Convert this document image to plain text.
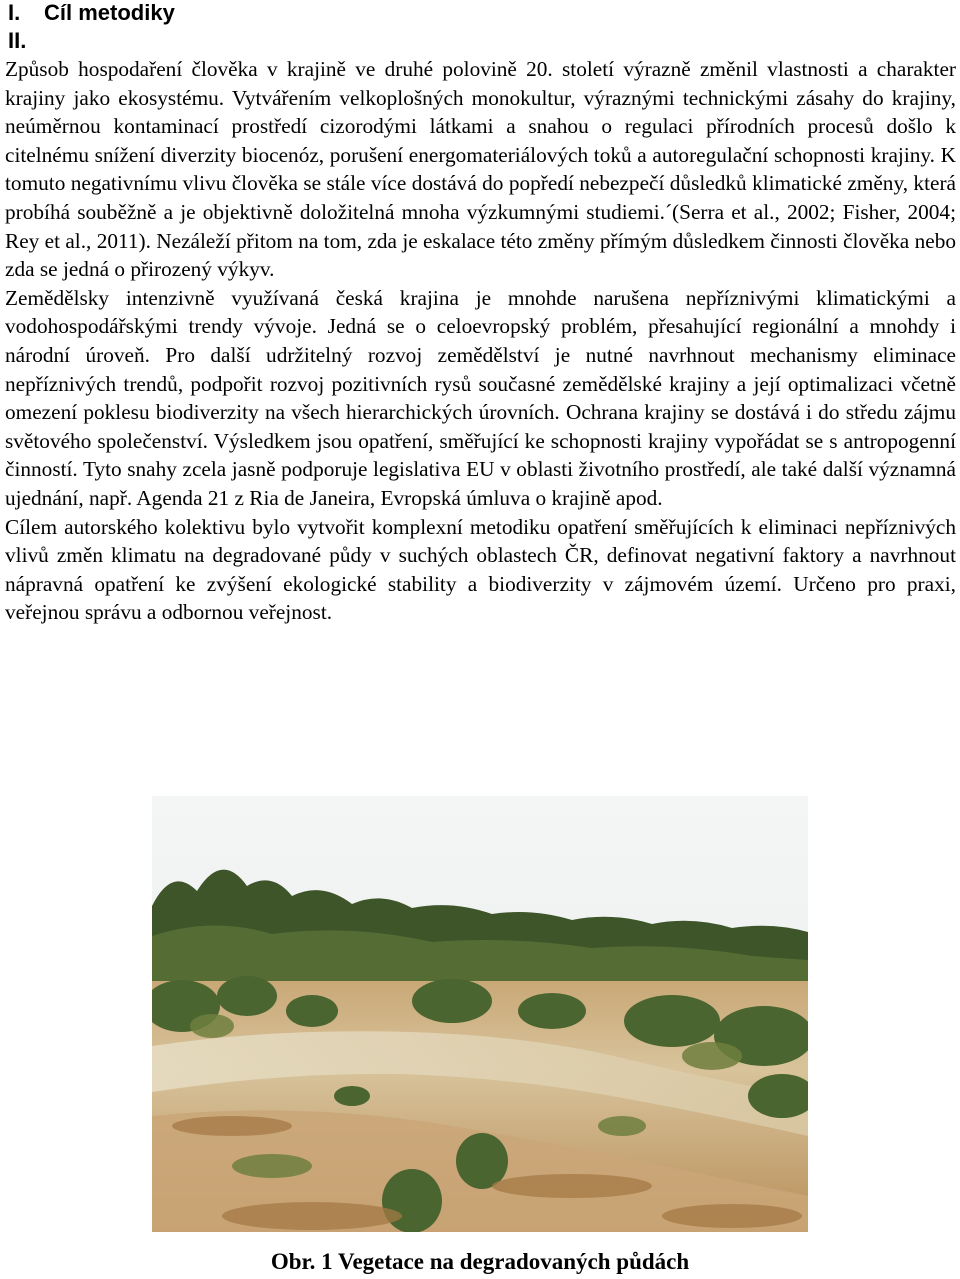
I. Cíl metodiky
II.

Způsob hospodaření člověka v krajině ve druhé polovině 20. století výrazně změnil vlastnosti a charakter krajiny jako ekosystému. Vytvářením velkoplošných monokultur, výraznými technickými zásahy do krajiny, neúměrnou kontaminací prostředí cizorodými látkami a snahou o regulaci přírodních procesů došlo k citelnému snížení diverzity biocenóz, porušení energomateriálových toků a autoregulační schopnosti krajiny. K tomuto negativnímu vlivu člověka se stále více dostává do popředí nebezpečí důsledků klimatické změny, která probíhá souběžně a je objektivně doložitelná mnoha výzkumnými studiemi.´(Serra et al., 2002; Fisher, 2004; Rey et al., 2011). Nezáleží přitom na tom, zda je eskalace této změny přímým důsledkem činnosti člověka nebo zda se jedná o přirozený výkyv.

Zemědělsky intenzivně využívaná česká krajina je mnohde narušena nepříznivými klimatickými a vodohospodářskými trendy vývoje. Jedná se o celoevropský problém, přesahující regionální a mnohdy i národní úroveň. Pro další udržitelný rozvoj zemědělství je nutné navrhnout mechanismy eliminace nepříznivých trendů, podpořit rozvoj pozitivních rysů současné zemědělské krajiny a její optimalizaci včetně omezení poklesu biodiverzity na všech hierarchických úrovních. Ochrana krajiny se dostává i do středu zájmu světového společenství. Výsledkem jsou opatření, směřující ke schopnosti krajiny vypořádat se s antropogenní činností. Tyto snahy zcela jasně podporuje legislativa EU v oblasti životního prostředí, ale také další významná ujednání, např. Agenda 21 z Ria de Janeira, Evropská úmluva o krajině apod.

Cílem autorského kolektivu bylo vytvořit komplexní metodiku opatření směřujících k eliminaci nepříznivých vlivů změn klimatu na degradované půdy v suchých oblastech ČR, definovat negativní faktory a navrhnout nápravná opatření ke zvýšení ekologické stability a biodiverzity v zájmovém území. Určeno pro praxi, veřejnou správu a odbornou veřejnost.

Obr. 1 Vegetace na degradovaných půdách
